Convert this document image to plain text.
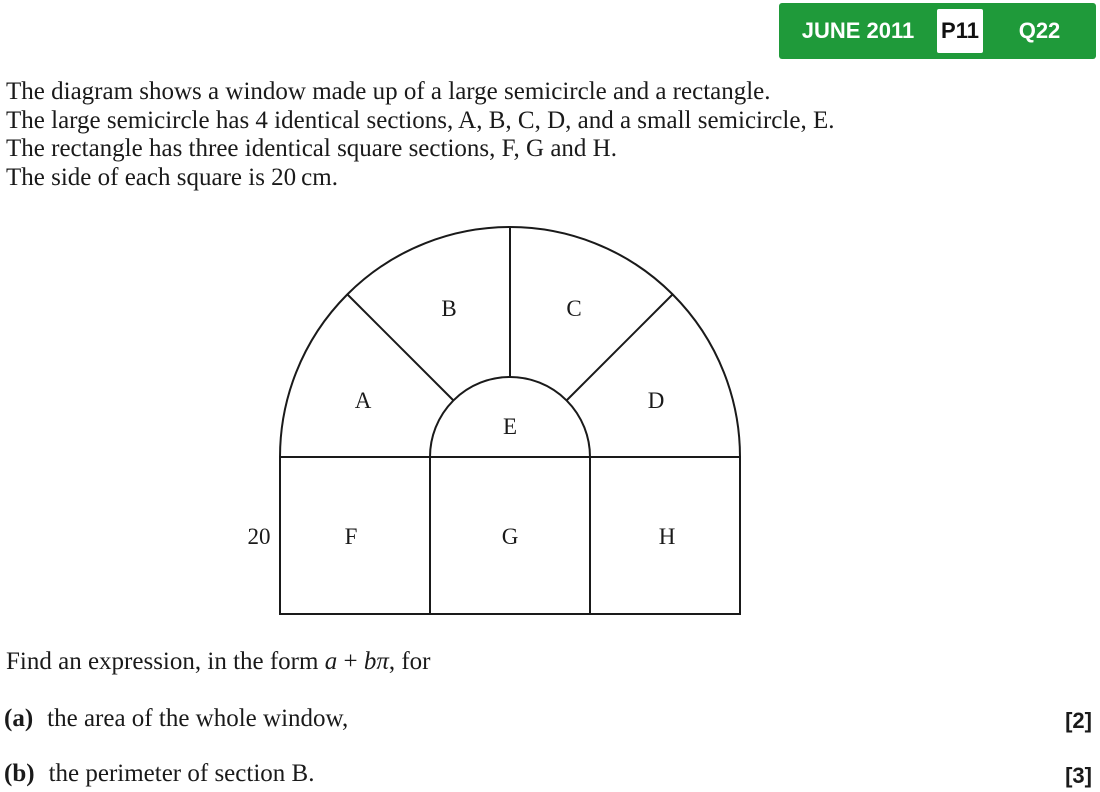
JUNE 2011	P11	Q22
The diagram shows a window made up of a large semicircle and a rectangle.
The large semicircle has 4 identical sections, A, B, C, D, and a small semicircle, E.
The rectangle has three identical square sections, F, G and H.
The side of each square is 20 cm.
A
B	C
D
E
F	G	H
20
Find an expression, in the form a + bπ, for
(a) the area of the whole window,	[2]
(b) the perimeter of section B.	[3]
